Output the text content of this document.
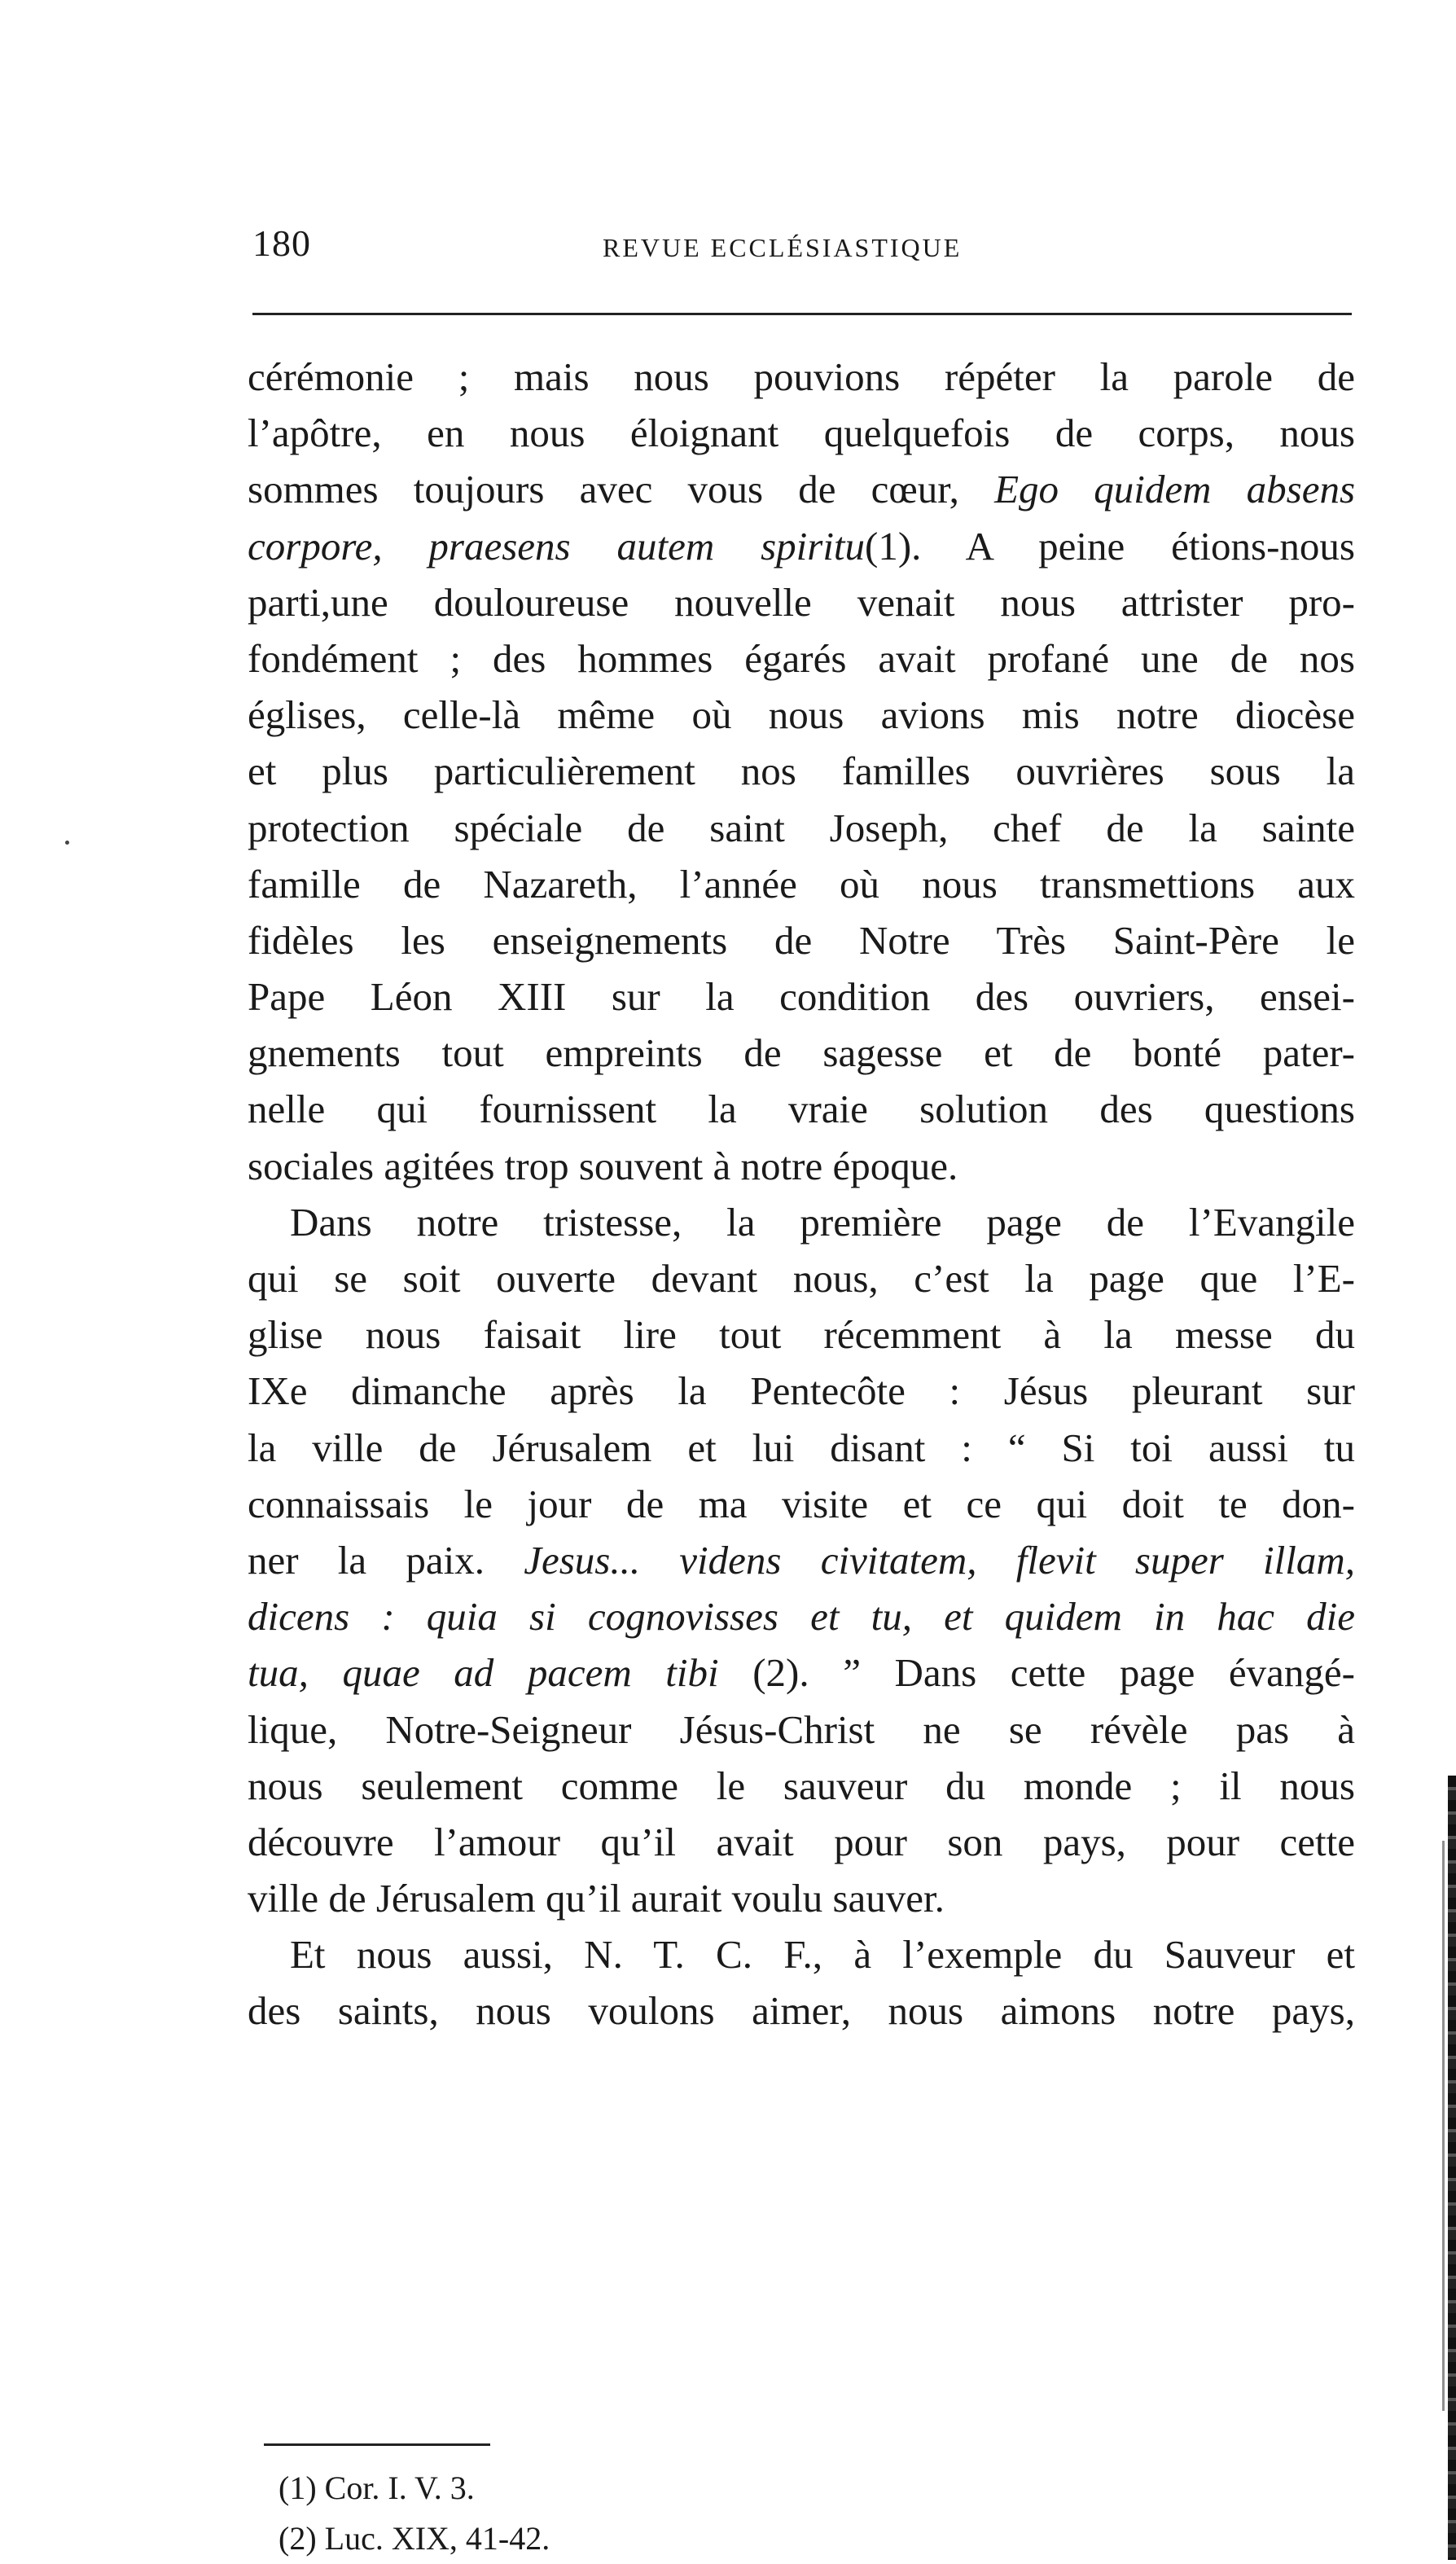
180	REVUE ECCLÉSIASTIQUE
cérémonie ; mais nous pouvions répéter la parole de
l’apôtre, en nous éloignant quelquefois de corps, nous
sommes toujours avec vous de cœur, Ego quidem absens
corpore, praesens autem spiritu(1). A peine étions-nous
parti,une douloureuse nouvelle venait nous attrister pro-
fondément ; des hommes égarés avait profané une de nos
églises, celle-là même où nous avions mis notre diocèse
et plus particulièrement nos familles ouvrières sous la
protection spéciale de saint Joseph, chef de la sainte
famille de Nazareth, l’année où nous transmettions aux
fidèles les enseignements de Notre Très Saint-Père le
Pape Léon XIII sur la condition des ouvriers, ensei-
gnements tout empreints de sagesse et de bonté pater-
nelle qui fournissent la vraie solution des questions
sociales agitées trop souvent à notre époque.
Dans notre tristesse, la première page de l’Evangile
qui se soit ouverte devant nous, c’est la page que l’E-
glise nous faisait lire tout récemment à la messe du
IXe dimanche après la Pentecôte : Jésus pleurant sur
la ville de Jérusalem et lui disant : “ Si toi aussi tu
connaissais le jour de ma visite et ce qui doit te don-
ner la paix. Jesus... videns civitatem, flevit super illam,
dicens : quia si cognovisses et tu, et quidem in hac die
tua, quae ad pacem tibi (2). ” Dans cette page évangé-
lique, Notre-Seigneur Jésus-Christ ne se révèle pas à
nous seulement comme le sauveur du monde ; il nous
découvre l’amour qu’il avait pour son pays, pour cette
ville de Jérusalem qu’il aurait voulu sauver.
Et nous aussi, N. T. C. F., à l’exemple du Sauveur et
des saints, nous voulons aimer, nous aimons notre pays,
(1) Cor. I. V. 3.
(2) Luc. XIX, 41-42.
